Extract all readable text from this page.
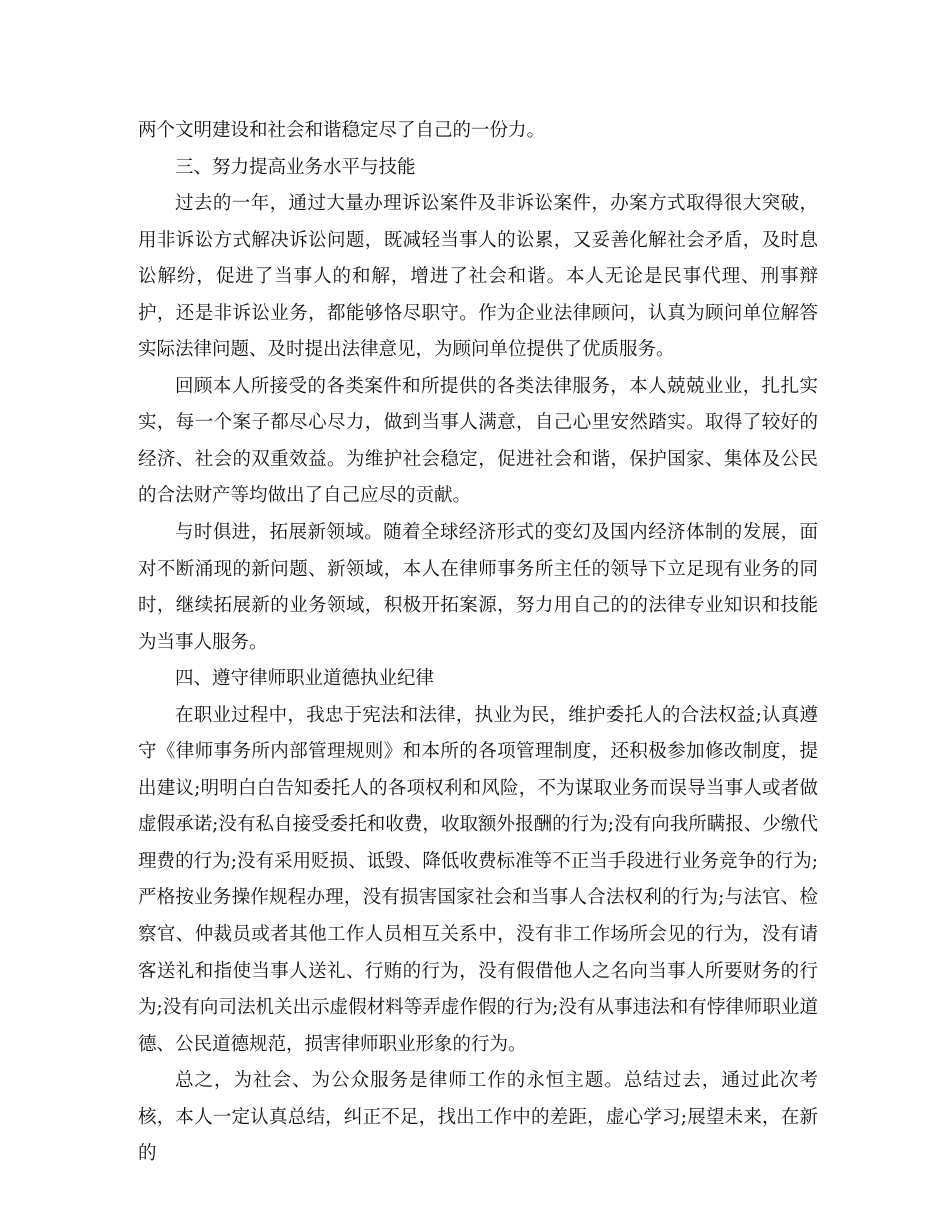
两个文明建设和社会和谐稳定尽了自己的一份力。

三、努力提高业务水平与技能

过去的一年，通过大量办理诉讼案件及非诉讼案件，办案方式取得很大突破，用非诉讼方式解决诉讼问题，既减轻当事人的讼累，又妥善化解社会矛盾，及时息讼解纷，促进了当事人的和解，增进了社会和谐。本人无论是民事代理、刑事辩护，还是非诉讼业务，都能够恪尽职守。作为企业法律顾问，认真为顾问单位解答实际法律问题、及时提出法律意见，为顾问单位提供了优质服务。

回顾本人所接受的各类案件和所提供的各类法律服务，本人兢兢业业，扎扎实实，每一个案子都尽心尽力，做到当事人满意，自己心里安然踏实。取得了较好的经济、社会的双重效益。为维护社会稳定，促进社会和谐，保护国家、集体及公民的合法财产等均做出了自己应尽的贡献。

与时俱进，拓展新领域。随着全球经济形式的变幻及国内经济体制的发展，面对不断涌现的新问题、新领域，本人在律师事务所主任的领导下立足现有业务的同时，继续拓展新的业务领域，积极开拓案源，努力用自己的的法律专业知识和技能为当事人服务。

四、遵守律师职业道德执业纪律

在职业过程中，我忠于宪法和法律，执业为民，维护委托人的合法权益;认真遵守《律师事务所内部管理规则》和本所的各项管理制度，还积极参加修改制度，提出建议;明明白白告知委托人的各项权利和风险，不为谋取业务而误导当事人或者做虚假承诺;没有私自接受委托和收费，收取额外报酬的行为;没有向我所瞒报、少缴代理费的行为;没有采用贬损、诋毁、降低收费标准等不正当手段进行业务竞争的行为;严格按业务操作规程办理，没有损害国家社会和当事人合法权利的行为;与法官、检察官、仲裁员或者其他工作人员相互关系中，没有非工作场所会见的行为，没有请客送礼和指使当事人送礼、行贿的行为，没有假借他人之名向当事人所要财务的行为;没有向司法机关出示虚假材料等弄虚作假的行为;没有从事违法和有悖律师职业道德、公民道德规范，损害律师职业形象的行为。

总之，为社会、为公众服务是律师工作的永恒主题。总结过去，通过此次考核，本人一定认真总结，纠正不足，找出工作中的差距，虚心学习;展望未来，在新的
